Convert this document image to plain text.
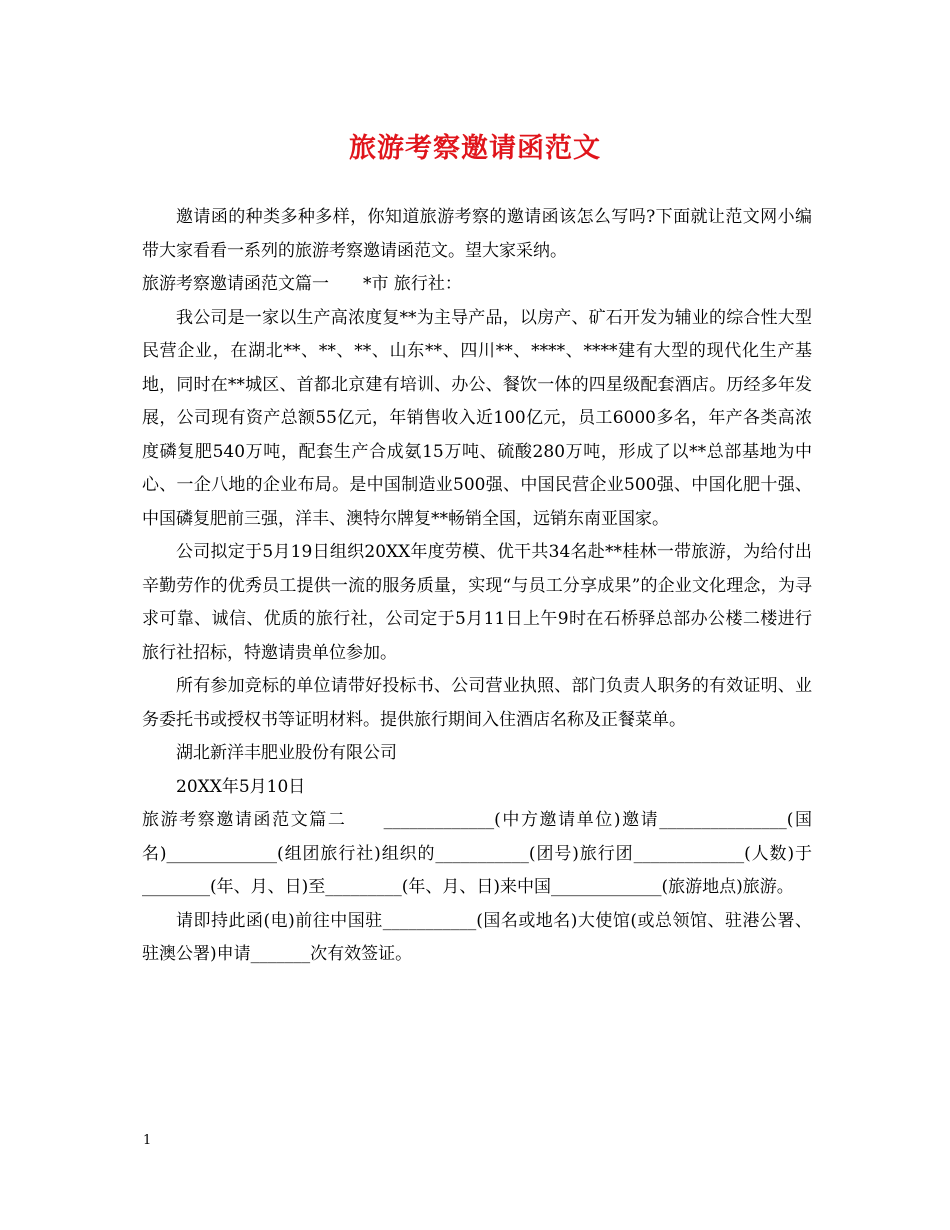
旅游考察邀请函范文

邀请函的种类多种多样，你知道旅游考察的邀请函该怎么写吗?下面就让范文网小编带大家看看一系列的旅游考察邀请函范文。望大家采纳。

旅游考察邀请函范文篇一　　*市 旅行社：

我公司是一家以生产高浓度复**为主导产品，以房产、矿石开发为辅业的综合性大型民营企业，在湖北**、**、**、山东**、四川**、****、****建有大型的现代化生产基地，同时在**城区、首都北京建有培训、办公、餐饮一体的四星级配套酒店。历经多年发展，公司现有资产总额55亿元，年销售收入近100亿元，员工6000多名，年产各类高浓度磷复肥540万吨，配套生产合成氨15万吨、硫酸280万吨，形成了以**总部基地为中心、一企八地的企业布局。是中国制造业500强、中国民营企业500强、中国化肥十强、中国磷复肥前三强，洋丰、澳特尔牌复**畅销全国，远销东南亚国家。

公司拟定于5月19日组织20XX年度劳模、优干共34名赴**桂林一带旅游，为给付出辛勤劳作的优秀员工提供一流的服务质量，实现“与员工分享成果”的企业文化理念，为寻求可靠、诚信、优质的旅行社，公司定于5月11日上午9时在石桥驿总部办公楼二楼进行旅行社招标，特邀请贵单位参加。

所有参加竞标的单位请带好投标书、公司营业执照、部门负责人职务的有效证明、业务委托书或授权书等证明材料。提供旅行期间入住酒店名称及正餐菜单。

湖北新洋丰肥业股份有限公司

20XX年5月10日

旅游考察邀请函范文篇二　　_____________(中方邀请单位)邀请_______________(国名)_____________(组团旅行社)组织的___________(团号)旅行团_____________(人数)于________(年、月、日)至_________(年、月、日)来中国_____________(旅游地点)旅游。

请即持此函(电)前往中国驻___________(国名或地名)大使馆(或总领馆、驻港公署、驻澳公署)申请_______次有效签证。

1
